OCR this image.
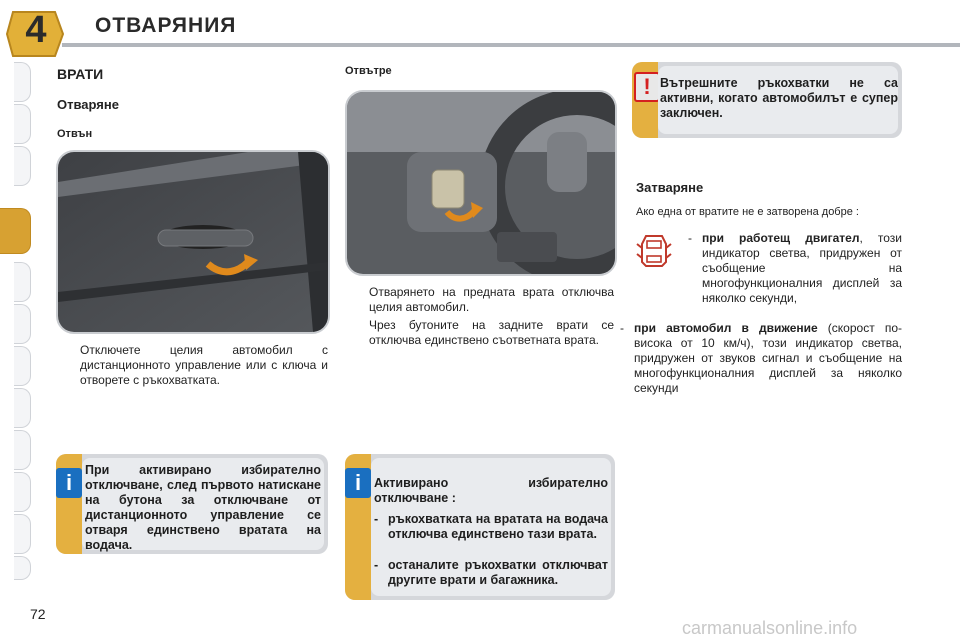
4	ОТВАРЯНИЯ
ВРАТИ
Отваряне
Отвън
Отключете целия автомобил с дистанционното управление или с ключа и отворете с ръкохватката.
Отвътре
Отварянето на предната врата отключва целия автомобил.
Чрез бутоните на задните врати се отключва единствено съответната врата.
! Вътрешните ръкохватки не са активни, когато автомобилът е супер заключен.
Затваряне
Ако една от вратите не е затворена добре :
- при работещ двигател, този индикатор светва, придружен от съобщение на многофункционалния дисплей за няколко секунди,
- при автомобил в движение (скорост по-висока от 10 км/ч), този индикатор светва, придружен от звуков сигнал и съобщение на многофункционалния дисплей за няколко секунди
i	При активирано избирателно отключване, след първото натискане на бутона за отключване от дистанционното управление се отваря единствено вратата на водача.
i	Активирано избирателно отключване :
- ръкохватката на вратата на водача отключва единствено тази врата.
- останалите ръкохватки отключват другите врати и багажника.
72
carmanualsonline.info
